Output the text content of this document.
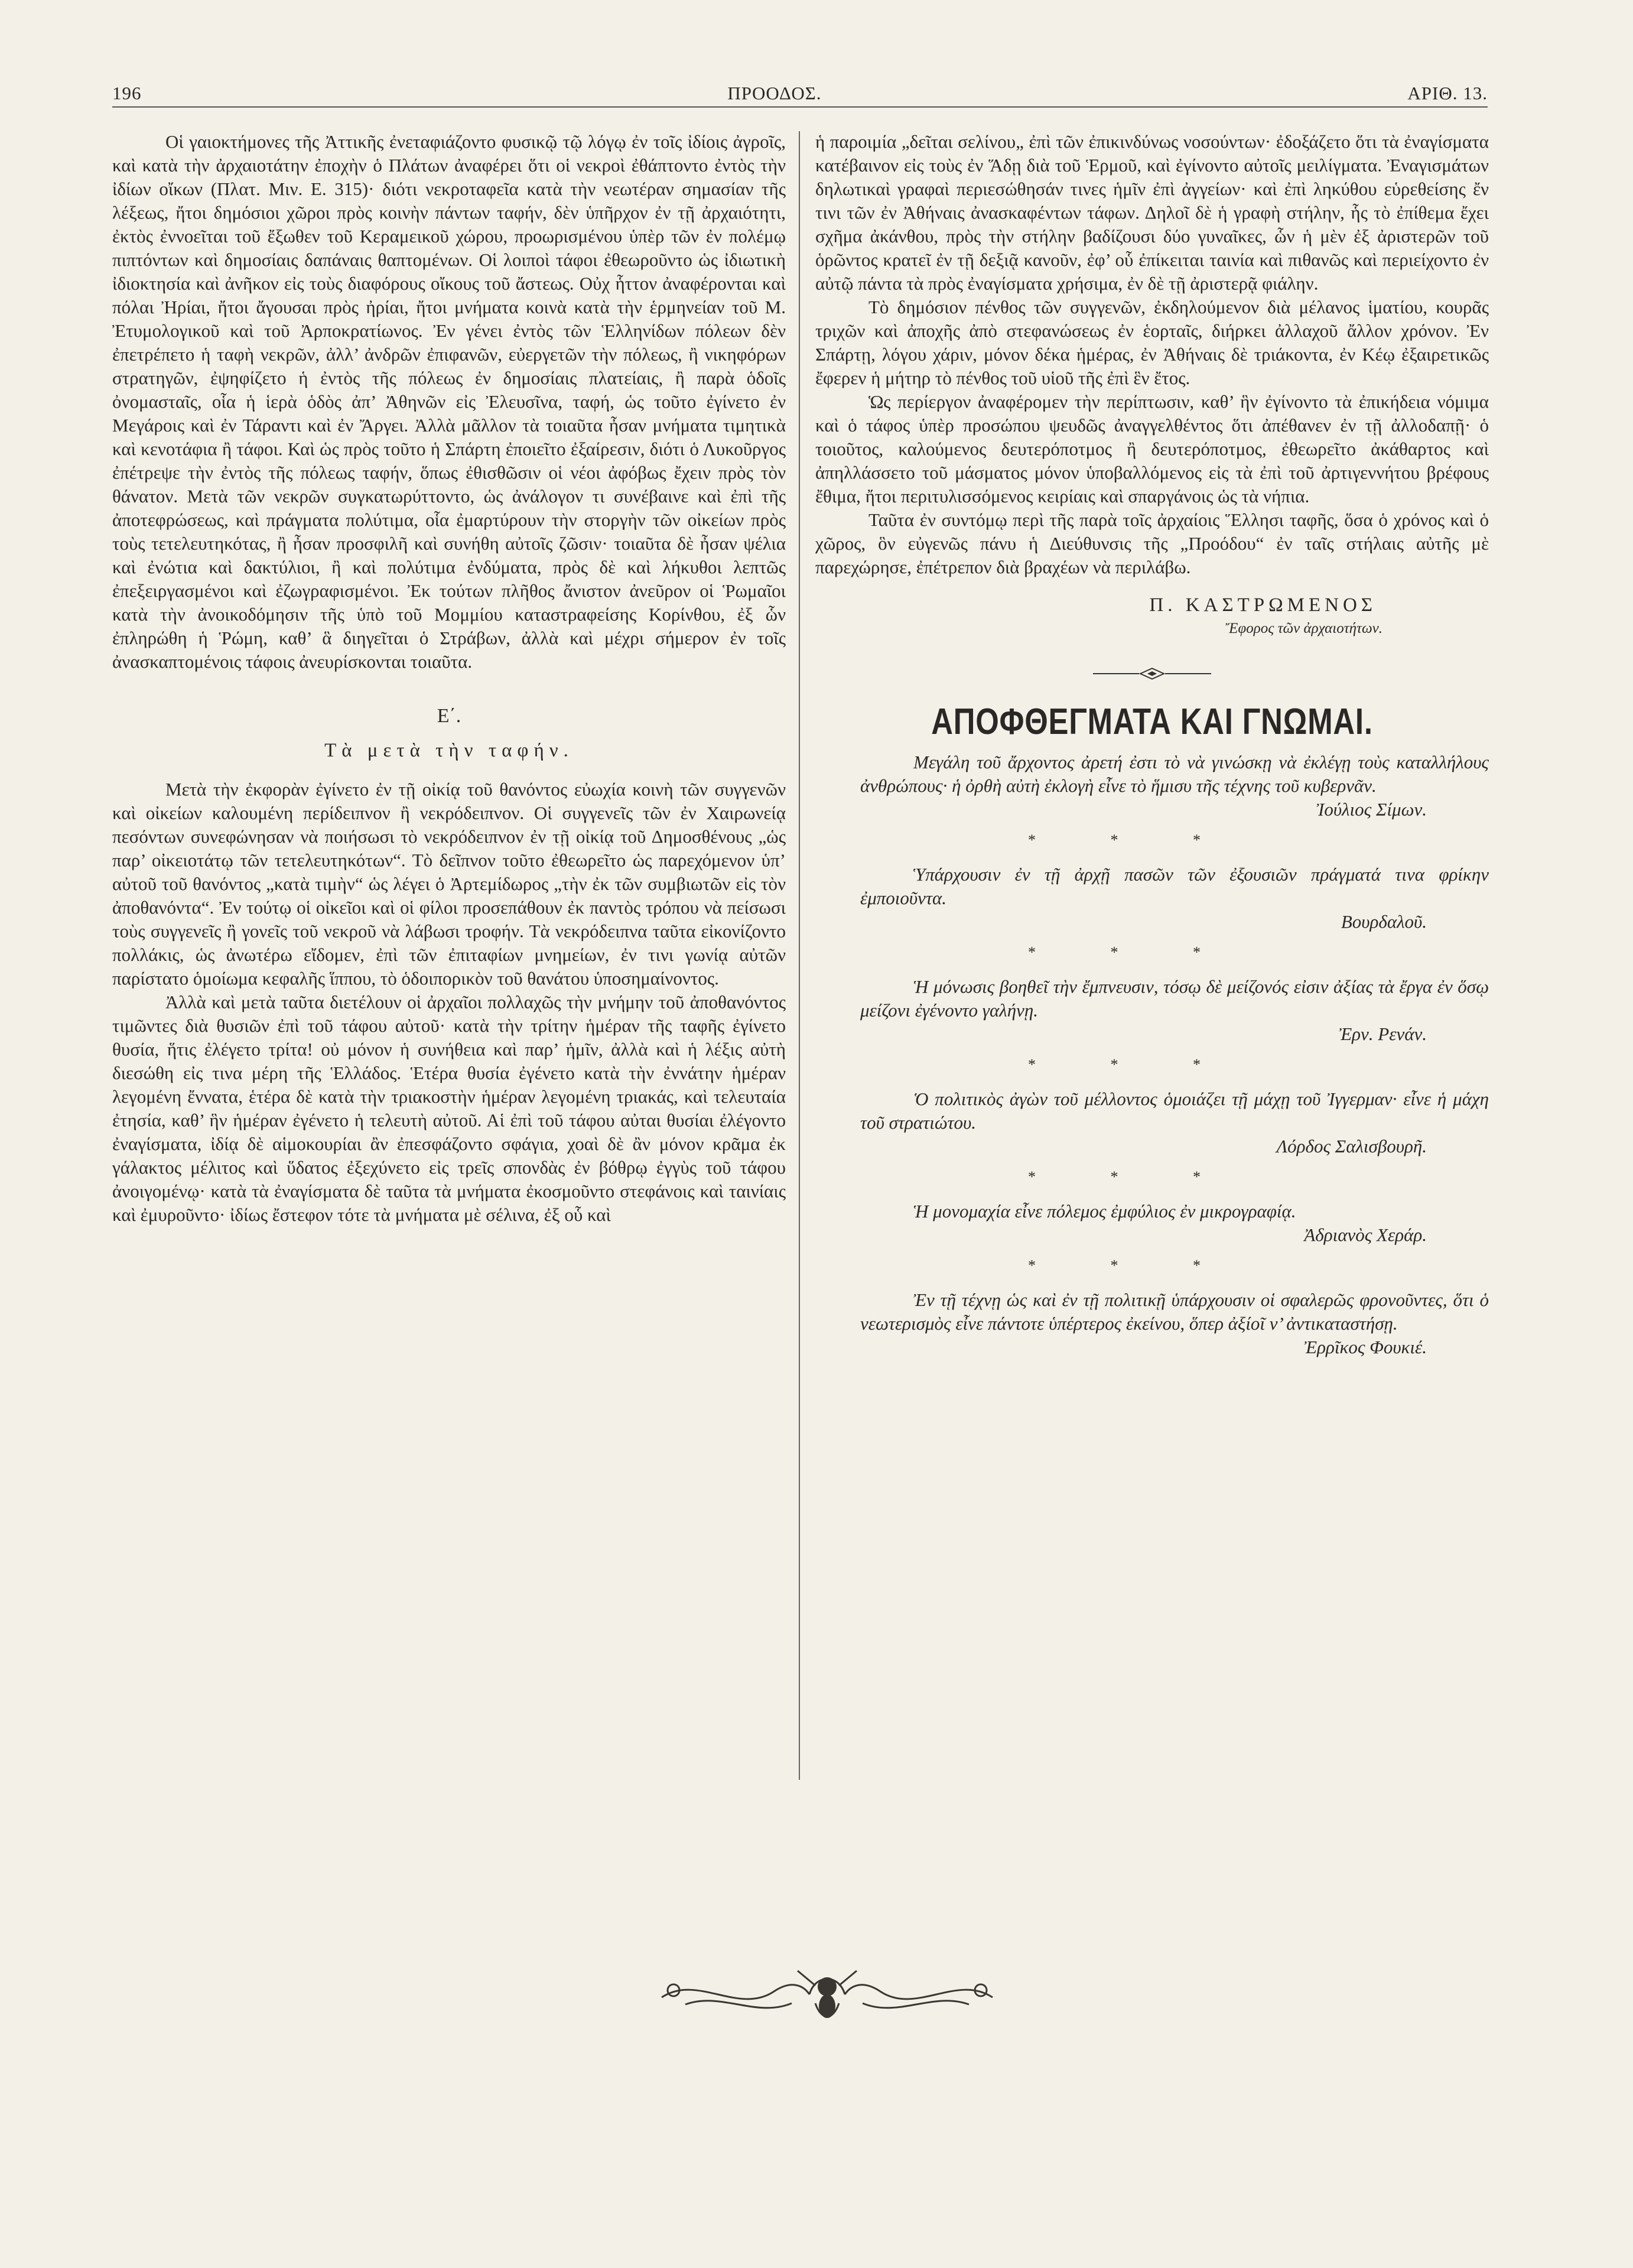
196	ΠΡΟΟΔΟΣ.	ΑΡΙΘ. 13.

Οἱ γαιοκτήμονες τῆς Ἀττικῆς ἐνεταφιάζοντο φυσικῷ τῷ λόγῳ ἐν τοῖς ἰδίοις ἀγροῖς, καὶ κατὰ τὴν ἀρχαιοτάτην ἐποχὴν ὁ Πλάτων ἀναφέρει ὅτι οἱ νεκροὶ ἐθάπτοντο ἐντὸς τὴν ἰδίων οἴκων (Πλατ. Μιν. Ε. 315)· διότι νεκροταφεῖα κατὰ τὴν νεωτέραν σημασίαν τῆς λέξεως, ἤτοι δημόσιοι χῶροι πρὸς κοινὴν πάντων ταφήν, δὲν ὑπῆρχον ἐν τῇ ἀρχαιότητι, ἐκτὸς ἐννοεῖται τοῦ ἔξωθεν τοῦ Κεραμεικοῦ χώρου, προωρισμένου ὑπὲρ τῶν ἐν πολέμῳ πιπτόντων καὶ δημοσίαις δαπάναις θαπτομένων. Οἱ λοιποὶ τάφοι ἐθεωροῦντο ὡς ἰδιωτικὴ ἰδιοκτησία καὶ ἀνῆκον εἰς τοὺς διαφόρους οἴκους τοῦ ἄστεως. Οὐχ ἧττον ἀναφέρονται καὶ πόλαι Ἠρίαι, ἤτοι ἄγουσαι πρὸς ἠρίαι, ἤτοι μνήματα κοινὰ κατὰ τὴν ἑρμηνείαν τοῦ Μ. Ἐτυμολογικοῦ καὶ τοῦ Ἀρποκρατίωνος. Ἐν γένει ἐντὸς τῶν Ἑλληνίδων πόλεων δὲν ἐπετρέπετο ἡ ταφὴ νεκρῶν, ἀλλ’ ἀνδρῶν ἐπιφανῶν, εὐεργετῶν τὴν πόλεως, ἢ νικηφόρων στρατηγῶν, ἐψηφίζετο ἡ ἐντὸς τῆς πόλεως ἐν δημοσίαις πλατείαις, ἢ παρὰ ὁδοῖς ὀνομασταῖς, οἷα ἡ ἱερὰ ὁδὸς ἀπ’ Ἀθηνῶν εἰς Ἐλευσῖνα, ταφή, ὡς τοῦτο ἐγίνετο ἐν Μεγάροις καὶ ἐν Τάραντι καὶ ἐν Ἄργει. Ἀλλὰ μᾶλλον τὰ τοιαῦτα ἦσαν μνήματα τιμητικὰ καὶ κενοτάφια ἢ τάφοι. Καὶ ὡς πρὸς τοῦτο ἡ Σπάρτη ἐποιεῖτο ἐξαίρεσιν, διότι ὁ Λυκοῦργος ἐπέτρεψε τὴν ἐντὸς τῆς πόλεως ταφήν, ὅπως ἐθισθῶσιν οἱ νέοι ἀφόβως ἔχειν πρὸς τὸν θάνατον. Μετὰ τῶν νεκρῶν συγκατωρύττοντο, ὡς ἀνάλογον τι συνέβαινε καὶ ἐπὶ τῆς ἀποτεφρώσεως, καὶ πράγματα πολύτιμα, οἷα ἐμαρτύρουν τὴν στοργὴν τῶν οἰκείων πρὸς τοὺς τετελευτηκότας, ἢ ἦσαν προσφιλῆ καὶ συνήθη αὐτοῖς ζῶσιν· τοιαῦτα δὲ ἦσαν ψέλια καὶ ἐνώτια καὶ δακτύλιοι, ἢ καὶ πολύτιμα ἐνδύματα, πρὸς δὲ καὶ λήκυθοι λεπτῶς ἐπεξειργασμένοι καὶ ἐζωγραφισμένοι. Ἐκ τούτων πλῆθος ἄνιστον ἀνεῦρον οἱ Ῥωμαῖοι κατὰ τὴν ἀνοικοδόμησιν τῆς ὑπὸ τοῦ Μομμίου καταστραφείσης Κορίνθου, ἐξ ὧν ἐπληρώθη ἡ Ῥώμη, καθ’ ἃ διηγεῖται ὁ Στράβων, ἀλλὰ καὶ μέχρι σήμερον ἐν τοῖς ἀνασκαπτομένοις τάφοις ἀνευρίσκονται τοιαῦτα.

Ε΄.
Τὰ μετὰ τὴν ταφήν.

Μετὰ τὴν ἐκφορὰν ἐγίνετο ἐν τῇ οἰκίᾳ τοῦ θανόντος εὐωχία κοινὴ τῶν συγγενῶν καὶ οἰκείων καλουμένη περίδειπνον ἢ νεκρόδειπνον. Οἱ συγγενεῖς τῶν ἐν Χαιρωνείᾳ πεσόντων συνεφώνησαν νὰ ποιήσωσι τὸ νεκρόδειπνον ἐν τῇ οἰκίᾳ τοῦ Δημοσθένους „ὡς παρ’ οἰκειοτάτῳ τῶν τετελευτηκότων“. Τὸ δεῖπνον τοῦτο ἐθεωρεῖτο ὡς παρεχόμενον ὑπ’ αὐτοῦ τοῦ θανόντος „κατὰ τιμὴν“ ὡς λέγει ὁ Ἀρτεμίδωρος „τὴν ἐκ τῶν συμβιωτῶν εἰς τὸν ἀποθανόντα“. Ἐν τούτῳ οἱ οἰκεῖοι καὶ οἱ φίλοι προσεπάθουν ἐκ παντὸς τρόπου νὰ πείσωσι τοὺς συγγενεῖς ἢ γονεῖς τοῦ νεκροῦ νὰ λάβωσι τροφήν. Τὰ νεκρόδειπνα ταῦτα εἰκονίζοντο πολλάκις, ὡς ἀνωτέρω εἴδομεν, ἐπὶ τῶν ἐπιταφίων μνημείων, ἐν τινι γωνίᾳ αὐτῶν παρίστατο ὁμοίωμα κεφαλῆς ἵππου, τὸ ὁδοιπορικὸν τοῦ θανάτου ὑποσημαίνοντος.

Ἀλλὰ καὶ μετὰ ταῦτα διετέλουν οἱ ἀρχαῖοι πολλαχῶς τὴν μνήμην τοῦ ἀποθανόντος τιμῶντες διὰ θυσιῶν ἐπὶ τοῦ τάφου αὐτοῦ· κατὰ τὴν τρίτην ἡμέραν τῆς ταφῆς ἐγίνετο θυσία, ἥτις ἐλέγετο τρίτα! οὐ μόνον ἡ συνήθεια καὶ παρ’ ἡμῖν, ἀλλὰ καὶ ἡ λέξις αὐτὴ διεσώθη εἰς τινα μέρη τῆς Ἑλλάδος. Ἑτέρα θυσία ἐγένετο κατὰ τὴν ἐννάτην ἡμέραν λεγομένη ἔννατα, ἑτέρα δὲ κατὰ τὴν τριακοστὴν ἡμέραν λεγομένη τριακάς, καὶ τελευταία ἐτησία, καθ’ ἣν ἡμέραν ἐγένετο ἡ τελευτὴ αὐτοῦ. Αἱ ἐπὶ τοῦ τάφου αὐται θυσίαι ἐλέγοντο ἐναγίσματα, ἰδίᾳ δὲ αἱμοκουρίαι ἂν ἐπεσφάζοντο σφάγια, χοαὶ δὲ ἂν μόνον κρᾶμα ἐκ γάλακτος μέλιτος καὶ ὕδατος ἐξεχύνετο εἰς τρεῖς σπονδὰς ἐν βόθρῳ ἐγγὺς τοῦ τάφου ἀνοιγομένῳ· κατὰ τὰ ἐναγίσματα δὲ ταῦτα τὰ μνήματα ἐκοσμοῦντο στεφάνοις καὶ ταινίαις καὶ ἐμυροῦντο· ἰδίως ἔστεφον τότε τὰ μνήματα μὲ σέλινα, ἐξ οὗ καὶ

ἡ παροιμία „δεῖται σελίνου„ ἐπὶ τῶν ἐπικινδύνως νοσούντων· ἐδοξάζετο ὅτι τὰ ἐναγίσματα κατέβαινον εἰς τοὺς ἐν Ἅδῃ διὰ τοῦ Ἑρμοῦ, καὶ ἐγίνοντο αὐτοῖς μειλίγματα. Ἐναγισμάτων δηλωτικαὶ γραφαὶ περιεσώθησάν τινες ἡμῖν ἐπὶ ἀγγείων· καὶ ἐπὶ ληκύθου εὑρεθείσης ἔν τινι τῶν ἐν Ἀθήναις ἀνασκαφέντων τάφων. Δηλοῖ δὲ ἡ γραφὴ στήλην, ἧς τὸ ἐπίθεμα ἔχει σχῆμα ἀκάνθου, πρὸς τὴν στήλην βαδίζουσι δύο γυναῖκες, ὧν ἡ μὲν ἐξ ἀριστερῶν τοῦ ὁρῶντος κρατεῖ ἐν τῇ δεξιᾷ κανοῦν, ἐφ’ οὗ ἐπίκειται ταινία καὶ πιθανῶς καὶ περιείχοντο ἐν αὐτῷ πάντα τὰ πρὸς ἐναγίσματα χρήσιμα, ἐν δὲ τῇ ἀριστερᾷ φιάλην.

Τὸ δημόσιον πένθος τῶν συγγενῶν, ἐκδηλούμενον διὰ μέλανος ἱματίου, κουρᾶς τριχῶν καὶ ἀποχῆς ἀπὸ στεφανώσεως ἐν ἑορταῖς, διήρκει ἀλλαχοῦ ἄλλον χρόνον. Ἐν Σπάρτῃ, λόγου χάριν, μόνον δέκα ἡμέρας, ἐν Ἀθήναις δὲ τριάκοντα, ἐν Κέῳ ἐξαιρετικῶς ἔφερεν ἡ μήτηρ τὸ πένθος τοῦ υἱοῦ τῆς ἐπὶ ἓν ἔτος.

Ὡς περίεργον ἀναφέρομεν τὴν περίπτωσιν, καθ’ ἣν ἐγίνοντο τὰ ἐπικήδεια νόμιμα καὶ ὁ τάφος ὑπὲρ προσώπου ψευδῶς ἀναγγελθέντος ὅτι ἀπέθανεν ἐν τῇ ἀλλοδαπῇ· ὁ τοιοῦτος, καλούμενος δευτερόποτμος ἢ δευτερόποτμος, ἐθεωρεῖτο ἀκάθαρτος καὶ ἀπηλλάσσετο τοῦ μάσματος μόνον ὑποβαλλόμενος εἰς τὰ ἐπὶ τοῦ ἀρτιγεννήτου βρέφους ἔθιμα, ἤτοι περιτυλισσόμενος κειρίαις καὶ σπαργάνοις ὡς τὰ νήπια.

Ταῦτα ἐν συντόμῳ περὶ τῆς παρὰ τοῖς ἀρχαίοις Ἕλλησι ταφῆς, ὅσα ὁ χρόνος καὶ ὁ χῶρος, ὃν εὐγενῶς πάνυ ἡ Διεύθυνσις τῆς „Προόδου“ ἐν ταῖς στήλαις αὐτῆς μὲ παρεχώρησε, ἐπέτρεπον διὰ βραχέων νὰ περιλάβω.

Π. ΚΑΣΤΡΩΜΕΝΟΣ
Ἔφορος τῶν ἀρχαιοτήτων.
ΑΠΟΦΘΕΓΜΑΤΑ ΚΑΙ ΓΝΩΜΑΙ.

Μεγάλη τοῦ ἄρχοντος ἀρετή ἐστι τὸ νὰ γινώσκῃ νὰ ἐκλέγῃ τοὺς καταλλήλους ἀνθρώπους· ἡ ὀρθὴ αὐτὴ ἐκλογὴ εἶνε τὸ ἥμισυ τῆς τέχνης τοῦ κυβερνᾶν.

Ἰούλιος Σίμων.

* * *

Ὑπάρχουσιν ἐν τῇ ἀρχῇ πασῶν τῶν ἐξουσιῶν πράγματά τινα φρίκην ἐμποιοῦντα.

Βουρδαλοῦ.

* * *

Ἡ μόνωσις βοηθεῖ τὴν ἔμπνευσιν, τόσῳ δὲ μείζονός εἰσιν ἀξίας τὰ ἔργα ἐν ὅσῳ μείζονι ἐγένοντο γαλήνῃ.

Ἐρν. Ρενάν.

* * *

Ὁ πολιτικὸς ἀγὼν τοῦ μέλλοντος ὁμοιάζει τῇ μάχῃ τοῦ Ἰγγερμαν· εἶνε ἡ μάχη τοῦ στρατιώτου.

Λόρδος Σαλισβουρῆ.

* * *

Ἡ μονομαχία εἶνε πόλεμος ἐμφύλιος ἐν μικρογραφίᾳ.

Ἀδριανὸς Χεράρ.

* * *

Ἐν τῇ τέχνῃ ὡς καὶ ἐν τῇ πολιτικῇ ὑπάρχουσιν οἱ σφαλερῶς φρονοῦντες, ὅτι ὁ νεωτερισμὸς εἶνε πάντοτε ὑπέρτερος ἐκείνου, ὅπερ ἀξίοῖ ν’ ἀντικαταστήσῃ.

Ἐρρῖκος Φουκιέ.
